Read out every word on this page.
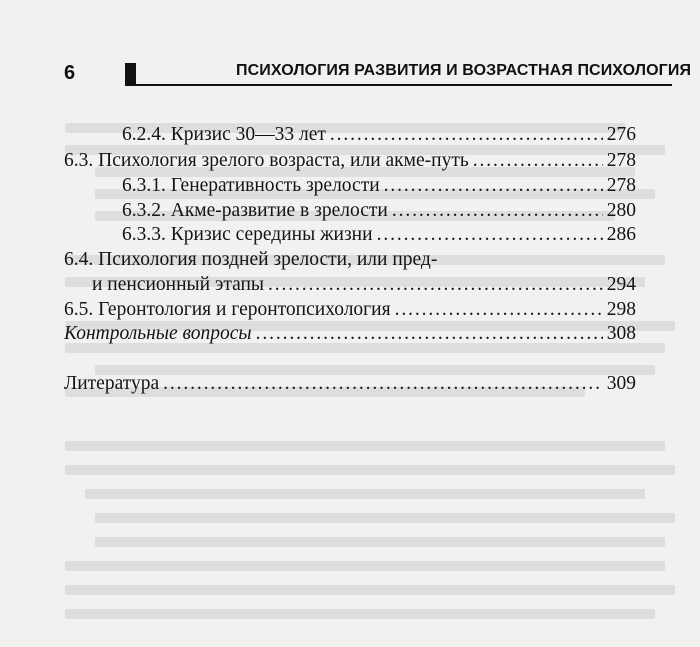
6	ПСИХОЛОГИЯ РАЗВИТИЯ И ВОЗРАСТНАЯ ПСИХОЛОГИЯ
6.2.4. Кризис 30—33 лет . . .	276
6.3. Психология зрелого возраста, или акме-путь . . .	278
6.3.1. Генеративность зрелости . . .	278
6.3.2. Акме-развитие в зрелости . . .	280
6.3.3. Кризис середины жизни . . .	286
6.4. Психология поздней зрелости, или пред-
и пенсионный этапы . . .	294
6.5. Геронтология и геронтопсихология . . .	298
Контрольные вопросы . . .	308
Литература . . .	309
